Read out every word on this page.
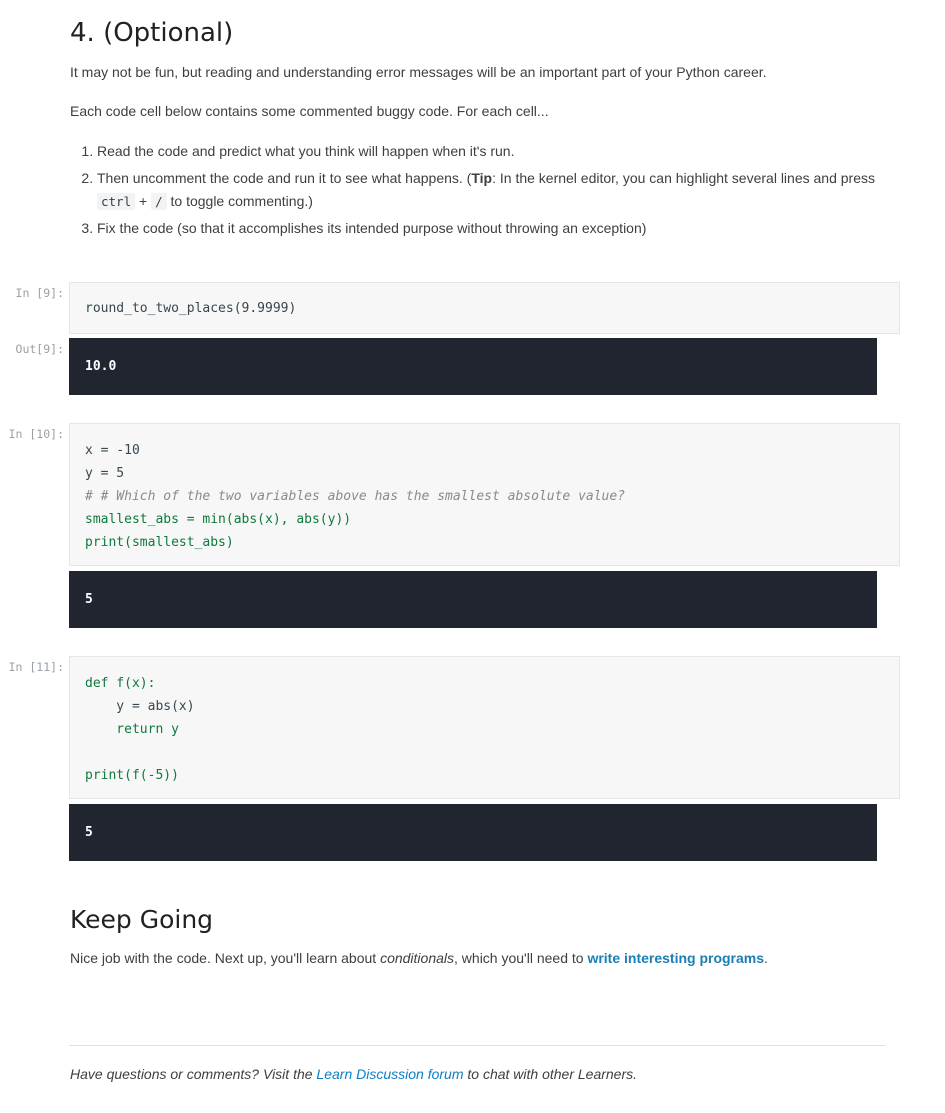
4. (Optional)

It may not be fun, but reading and understanding error messages will be an important part of your Python career.

Each code cell below contains some commented buggy code. For each cell...

1. Read the code and predict what you think will happen when it's run.
2. Then uncomment the code and run it to see what happens. (Tip: In the kernel editor, you can highlight several lines and press ctrl + / to toggle commenting.)
3. Fix the code (so that it accomplishes its intended purpose without throwing an exception)
In [9]:
round_to_two_places(9.9999)
Out[9]:
10.0
In [10]:
x = -10
y = 5
# # Which of the two variables above has the smallest absolute value?
smallest_abs = min(abs(x), abs(y))
print(smallest_abs)
5
In [11]:
def f(x):
y = abs(x)
return y

print(f(-5))
5
Keep Going

Nice job with the code. Next up, you'll learn about conditionals, which you'll need to write interesting programs.

Have questions or comments? Visit the Learn Discussion forum to chat with other Learners.
